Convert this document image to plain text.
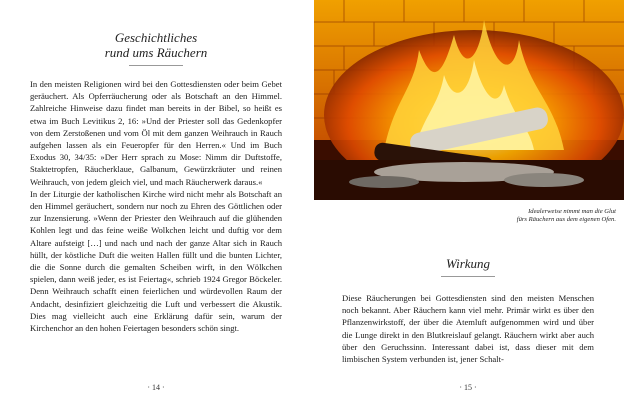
Geschichtliches
rund ums Räuchern

In den meisten Religionen wird bei den Gottesdiensten oder beim Gebet geräuchert. Als Opferräucherung oder als Botschaft an den Himmel. Zahlreiche Hinweise dazu findet man bereits in der Bibel, so heißt es etwa im Buch Levitikus 2, 16: »Und der Priester soll das Gedenkopfer von dem Zerstoßenen und vom Öl mit dem ganzen Weihrauch in Rauch aufgehen lassen als ein Feueropfer für den Herren.« Und im Buch Exodus 30, 34/35: »Der Herr sprach zu Mose: Nimm dir Duftstoffe, Staktetropfen, Räucherklaue, Galbanum, Gewürzkräuter und reinen Weihrauch, von jedem gleich viel, und mach Räucherwerk daraus.«

In der Liturgie der katholischen Kirche wird nicht mehr als Botschaft an den Himmel geräuchert, sondern nur noch zu Ehren des Göttlichen oder zur Inzensierung. »Wenn der Priester den Weihrauch auf die glühenden Kohlen legt und das feine weiße Wolkchen leicht und duftig vor dem Altare aufsteigt […] und nach und nach der ganze Altar sich in Rauch hüllt, der köstliche Duft die weiten Hallen füllt und die bunten Lichter, die die Sonne durch die gemalten Scheiben wirft, in den Wölkchen spielen, dann weiß jeder, es ist Feiertag«, schrieb 1924 Gregor Böckeler. Denn Weihrauch schafft einen feierlichen und würdevollen Raum der Andacht, desinfiziert gleichzeitig die Luft und verbessert die Akustik. Dies mag vielleicht auch eine Erklärung dafür sein, warum der Kirchenchor an den hohen Feiertagen besonders schön singt.

· 14 ·
Idealerweise nimmt man die Glut
fürs Räuchern aus dem eigenen Ofen.
Wirkung

Diese Räucherungen bei Gottesdiensten sind den meisten Menschen noch bekannt. Aber Räuchern kann viel mehr. Primär wirkt es über den Pflanzenwirkstoff, der über die Atemluft aufgenommen wird und über die Lunge direkt in den Blutkreislauf gelangt. Räuchern wirkt aber auch über den Geruchssinn. Interessant dabei ist, dass dieser mit dem limbischen System verbunden ist, jener Schalt-

· 15 ·
